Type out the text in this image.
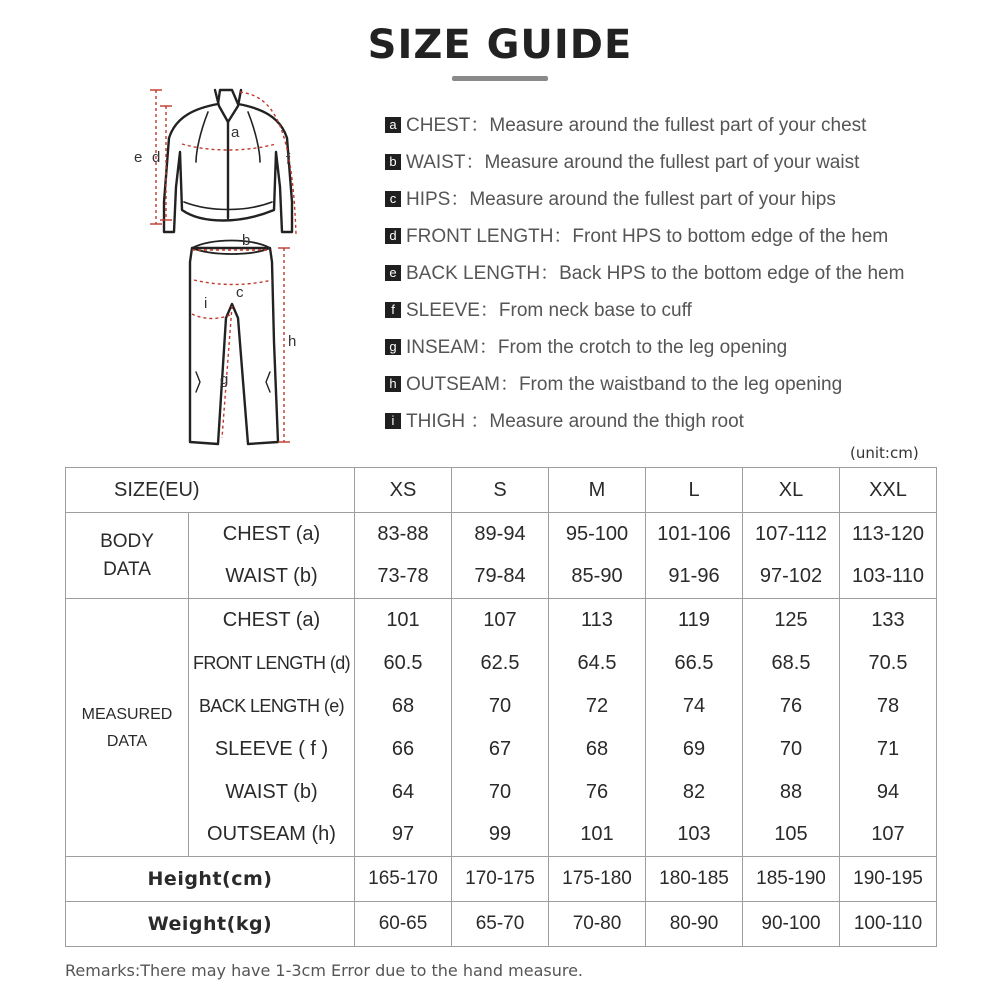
SIZE GUIDE
a
b
c
d
e	f
g
h
i
a CHEST：Measure around the fullest part of your chest
b WAIST：Measure around the fullest part of your waist
c HIPS：Measure around the fullest part of your hips
d FRONT LENGTH：Front HPS to bottom edge of the hem
e BACK LENGTH：Back HPS to the bottom edge of the hem
f SLEEVE：From neck base to cuff
g INSEAM：From the crotch to the leg opening
h OUTSEAM：From the waistband to the leg opening
i THIGH ：Measure around the thigh root
(unit:cm)
SIZE(EU)		XS	S	M	L	XL	XXL

BODY
DATA	CHEST (a)	83-88	89-94	95-100	101-106	107-112	113-120
	WAIST (b)	73-78	79-84	85-90	91-96	97-102	103-110

MEASURED
DATA	CHEST (a)	101	107	113	119	125	133
	FRONT LENGTH (d)	60.5	62.5	64.5	66.5	68.5	70.5
	BACK LENGTH (e)	68	70	72	74	76	78
	SLEEVE ( f )	66	67	68	69	70	71
	WAIST (b)	64	70	76	82	88	94
	OUTSEAM (h)	97	99	101	103	105	107
Height(cm)		165-170	170-175	175-180	180-185	185-190	190-195
Weight(kg)		60-65	65-70	70-80	80-90	90-100	100-110
Remarks:There may have 1-3cm Error due to the hand measure.
